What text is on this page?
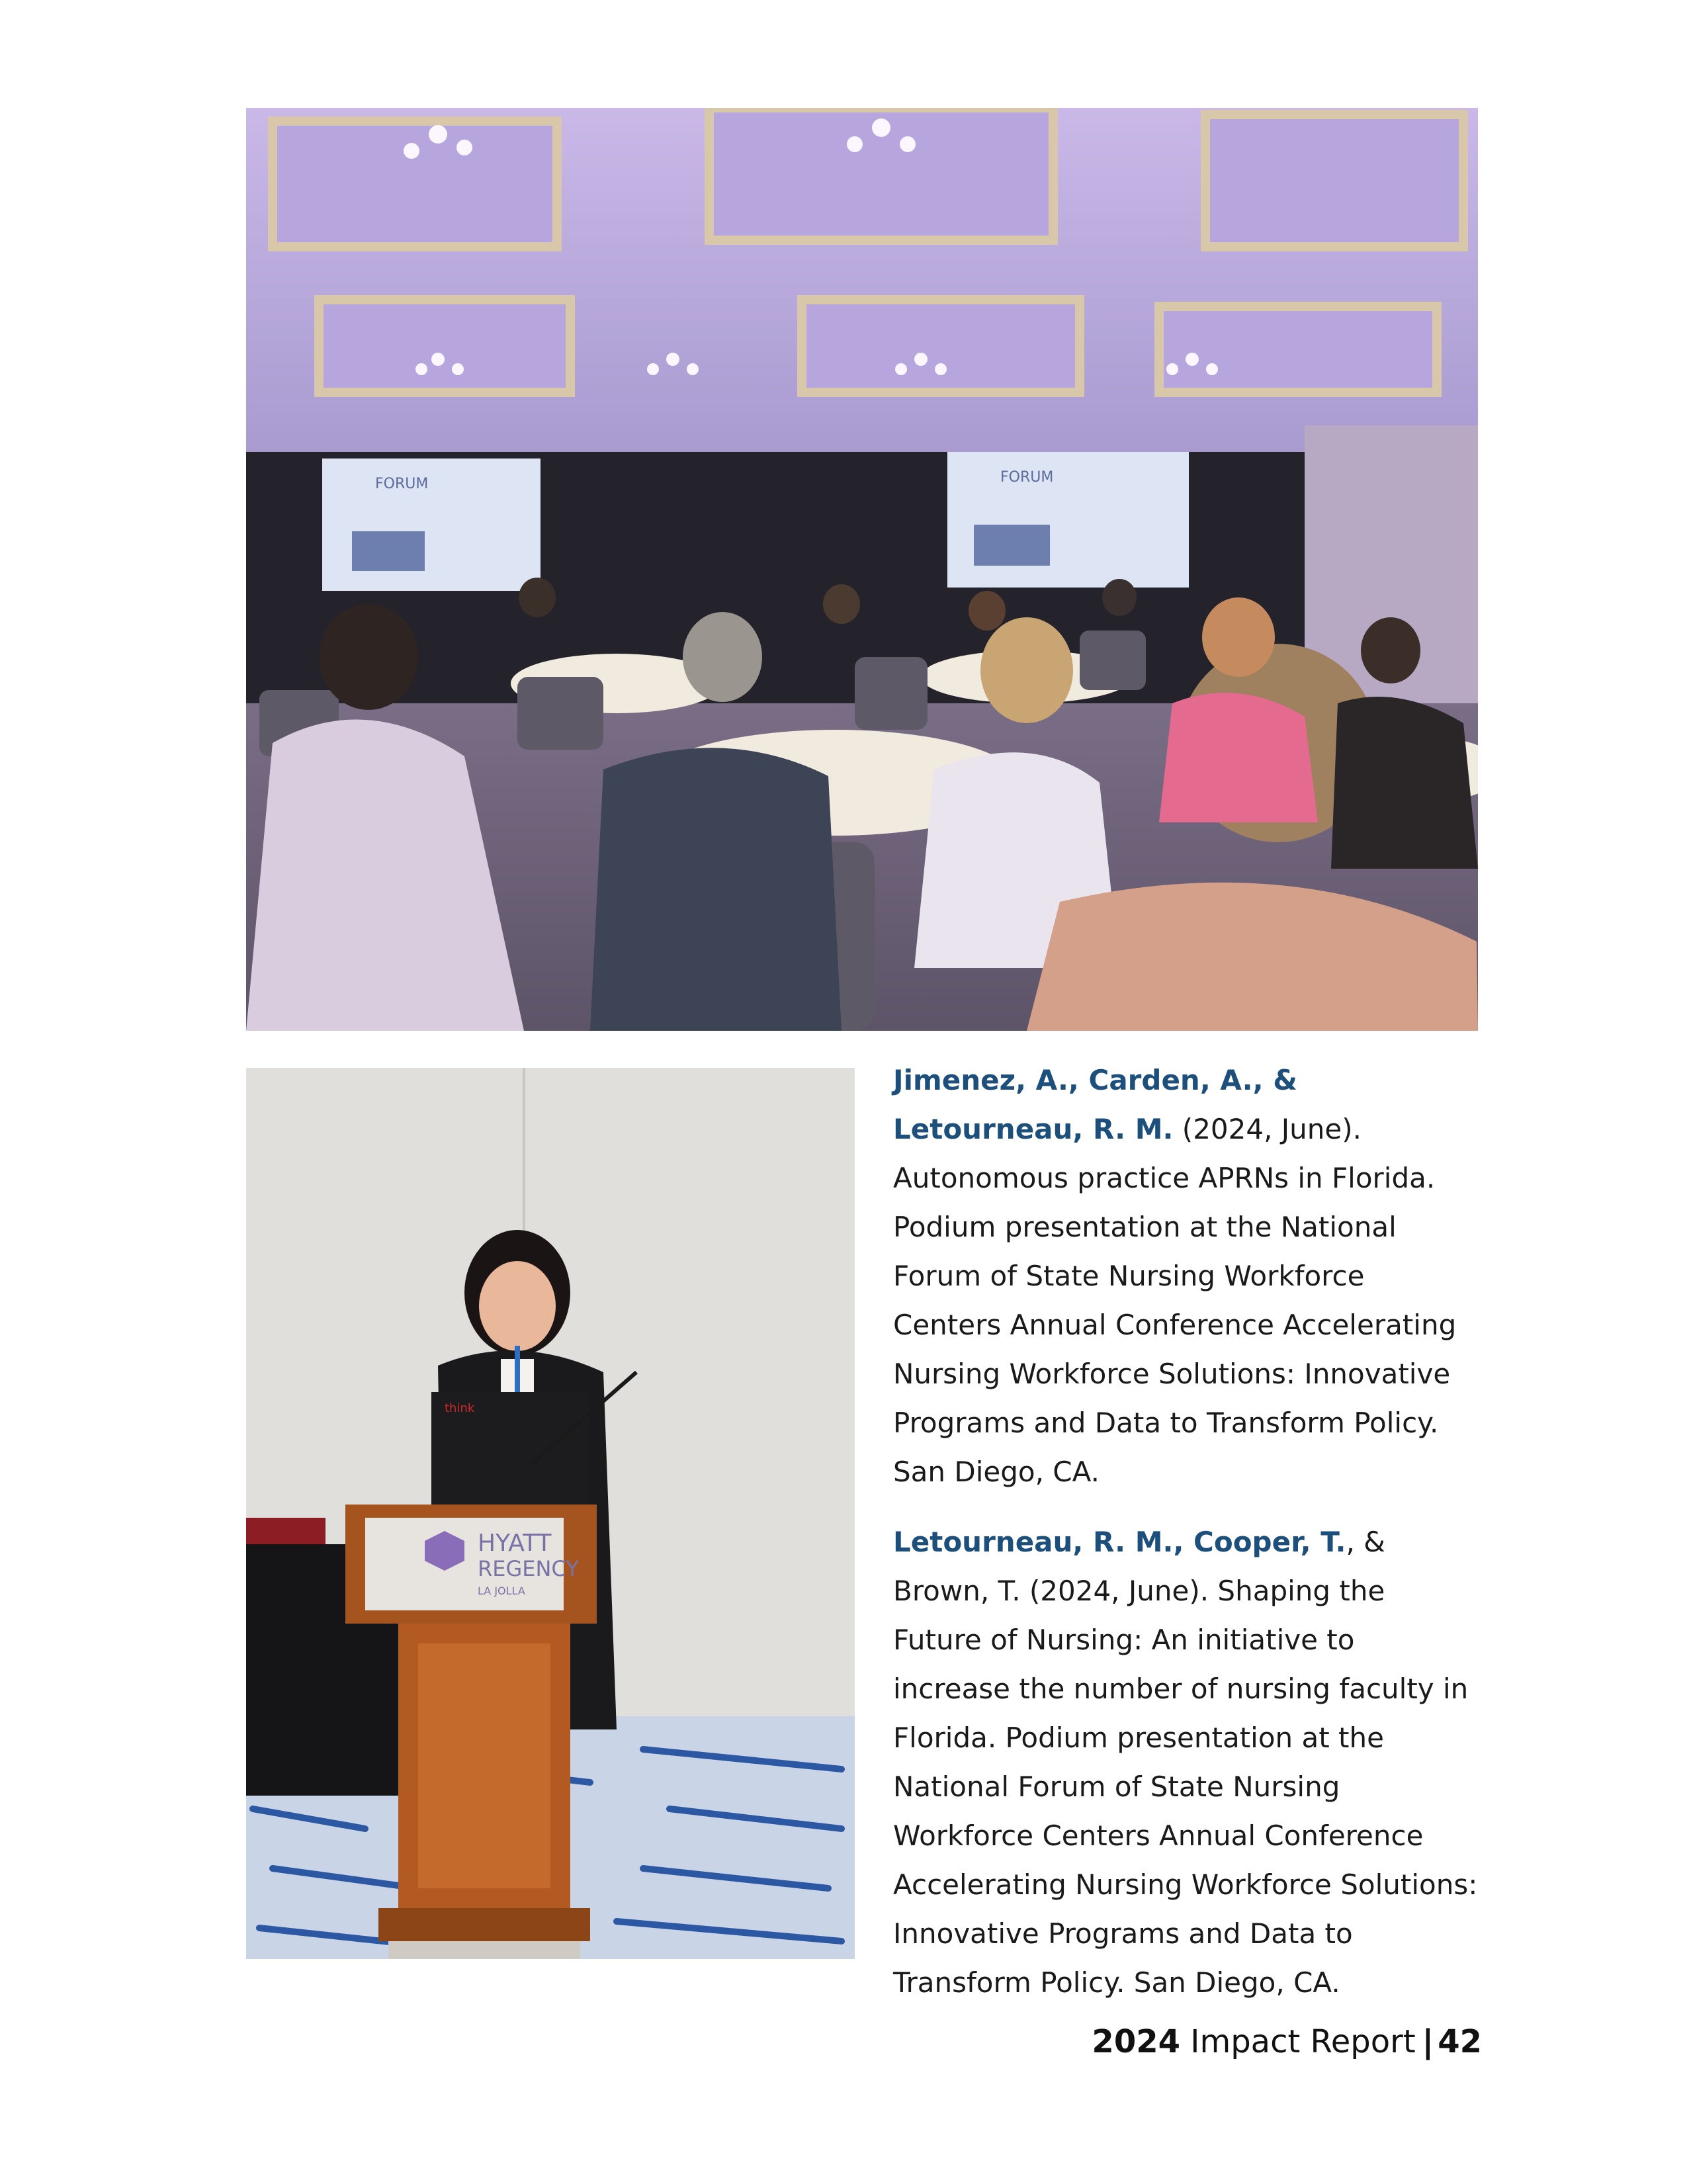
FORUM	FORUM
think
HYATT
REGENCY
LA JOLLA

Jimenez, A., Carden, A., & Letourneau, R. M. (2024, June). Autonomous practice APRNs in Florida. Podium presentation at the National Forum of State Nursing Workforce Centers Annual Conference Accelerating Nursing Workforce Solutions: Innovative Programs and Data to Transform Policy. San Diego, CA.

Letourneau, R. M., Cooper, T., & Brown, T. (2024, June). Shaping the Future of Nursing: An initiative to increase the number of nursing faculty in Florida. Podium presentation at the National Forum of State Nursing Workforce Centers Annual Conference Accelerating Nursing Workforce Solutions: Innovative Programs and Data to Transform Policy. San Diego, CA.

2024 Impact Report | 42
